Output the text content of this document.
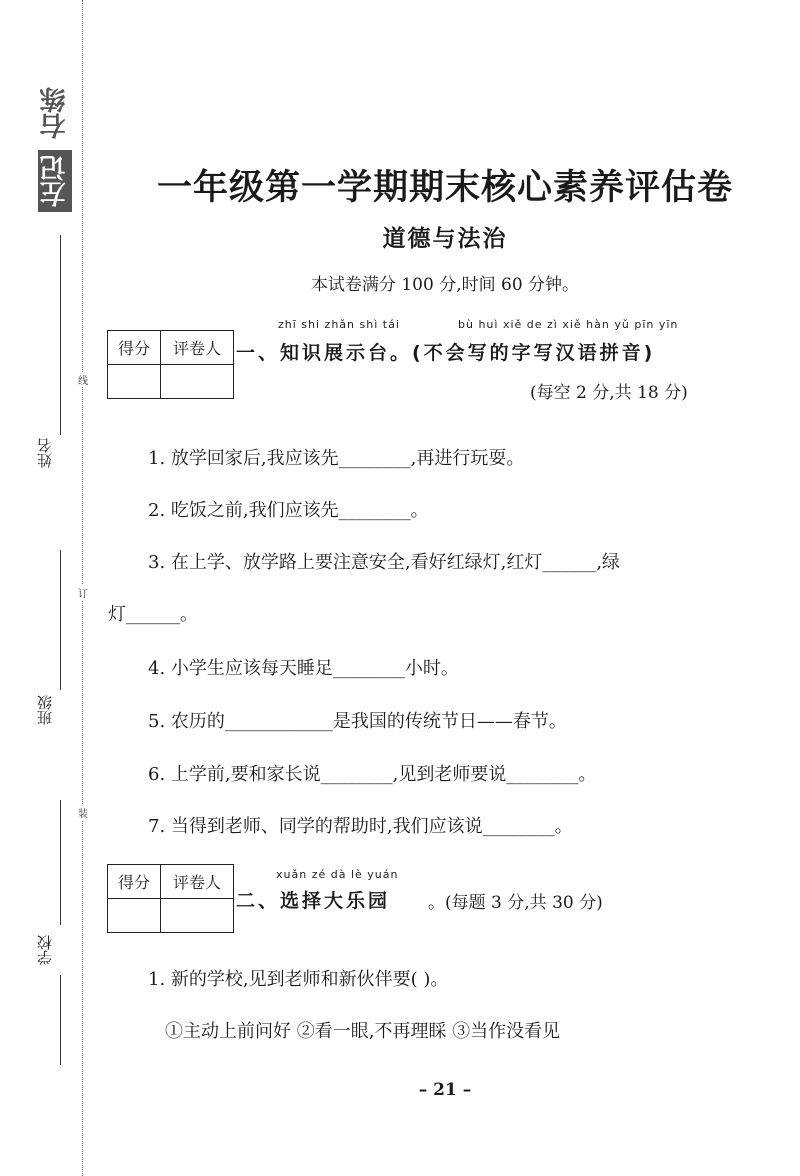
右练
左记
姓名
班级
学校
线
订
装
一年级第一学期期末核心素养评估卷
道德与法治
本试卷满分 100 分,时间 60 分钟。
得分	评卷人

zhī shi zhǎn shì tái	bù huì xiě de zì xiě hàn yǔ pīn yīn
一、知识展示台。(不会写的字写汉语拼音)
(每空 2 分,共 18 分)
1. 放学回家后,我应该先________,再进行玩耍。
2. 吃饭之前,我们应该先________。
3. 在上学、放学路上要注意安全,看好红绿灯,红灯______,绿
灯______。
4. 小学生应该每天睡足________小时。
5. 农历的____________是我国的传统节日——春节。
6. 上学前,要和家长说________,见到老师要说________。
7. 当得到老师、同学的帮助时,我们应该说________。
得分	评卷人
		xuǎn zé dà lè yuán
二、选择大乐园 。(每题 3 分,共 30 分)
1. 新的学校,见到老师和新伙伴要( )。
①主动上前问好 ②看一眼,不再理睬 ③当作没看见
– 21 –
